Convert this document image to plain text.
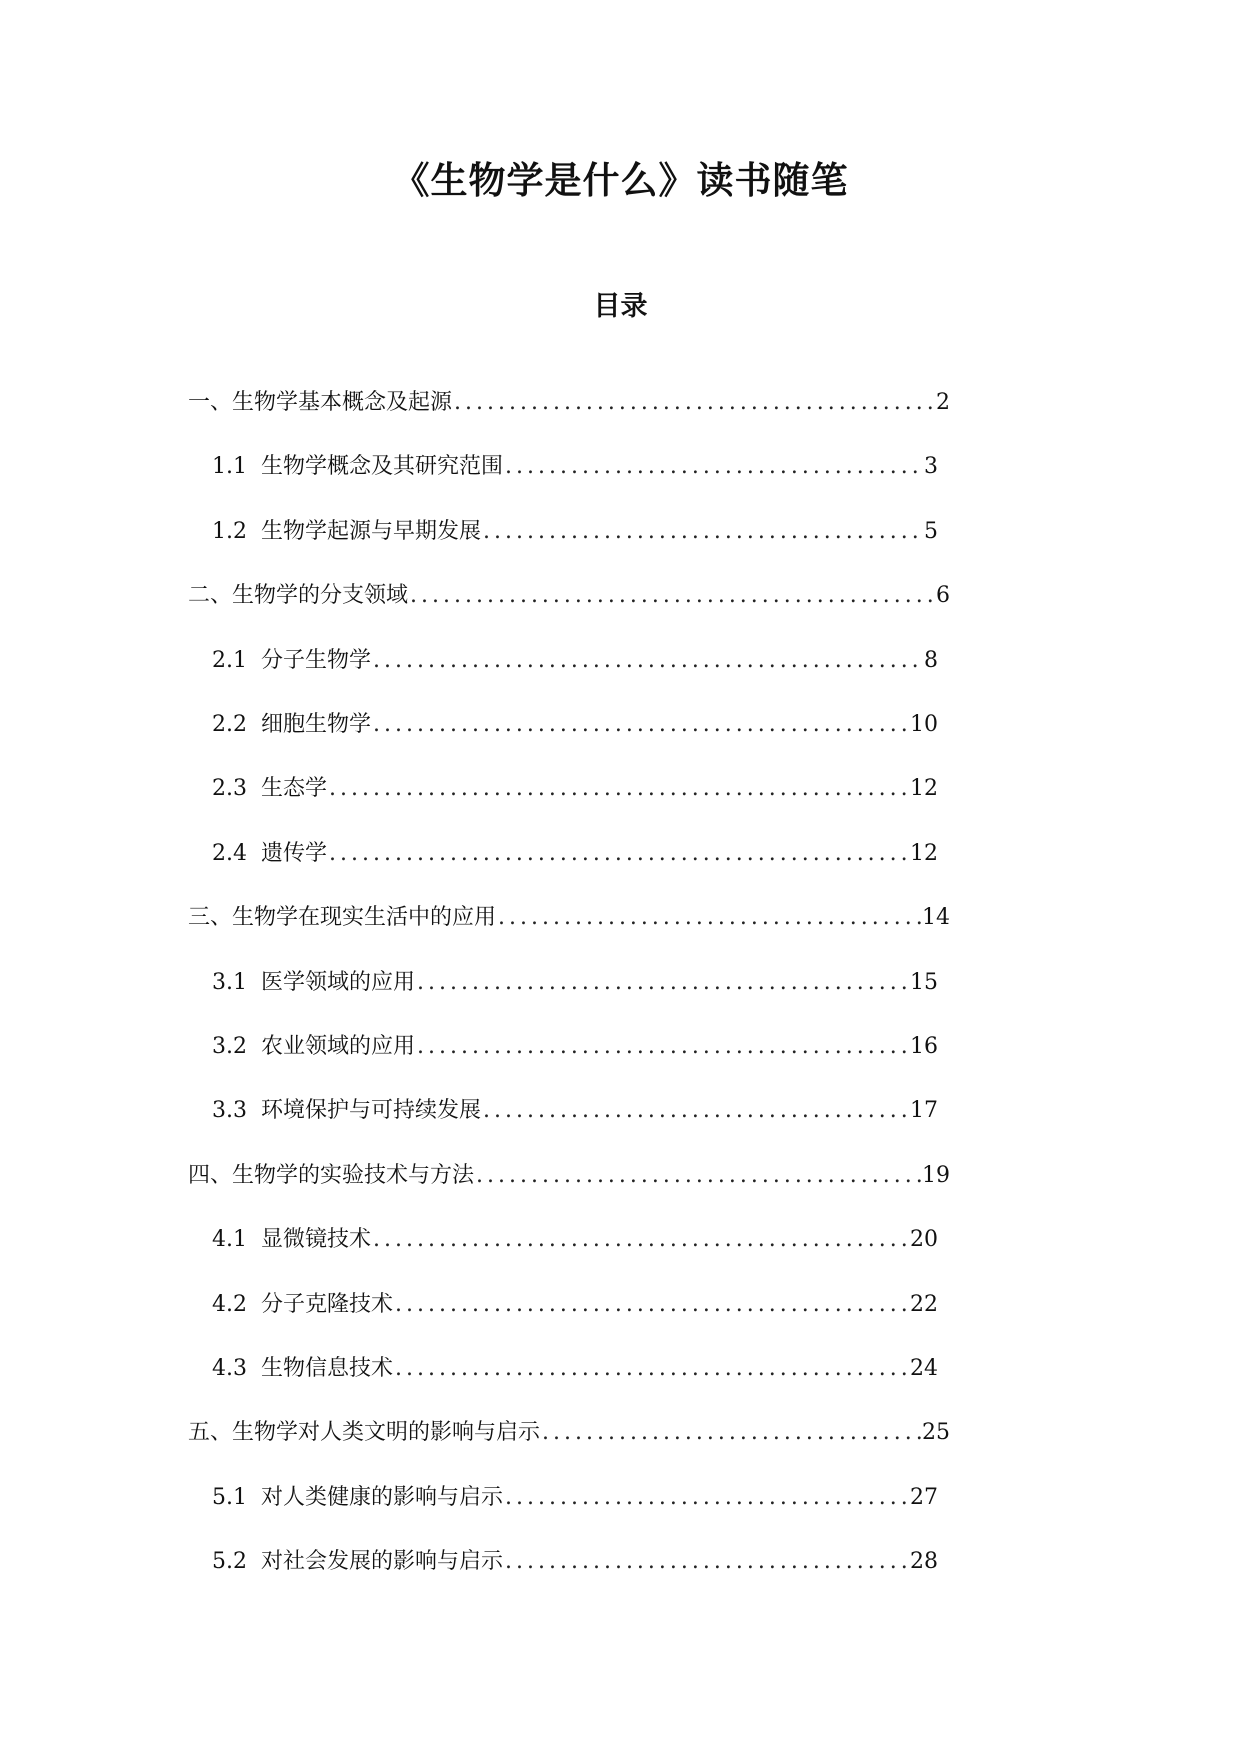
《生物学是什么》读书随笔
目录
一、生物学基本概念及起源 .....	2
1.1 生物学概念及其研究范围 .....	3
1.2 生物学起源与早期发展 .....	5
二、生物学的分支领域 .....	6
2.1 分子生物学 .....	8
2.2 细胞生物学 .....	10
2.3 生态学 .....	12
2.4 遗传学 .....	12
三、生物学在现实生活中的应用 .....	14
3.1 医学领域的应用 .....	15
3.2 农业领域的应用 .....	16
3.3 环境保护与可持续发展 .....	17
四、生物学的实验技术与方法 .....	19
4.1 显微镜技术 .....	20
4.2 分子克隆技术 .....	22
4.3 生物信息技术 .....	24
五、生物学对人类文明的影响与启示 .....	25
5.1 对人类健康的影响与启示 .....	27
5.2 对社会发展的影响与启示 .....	28
